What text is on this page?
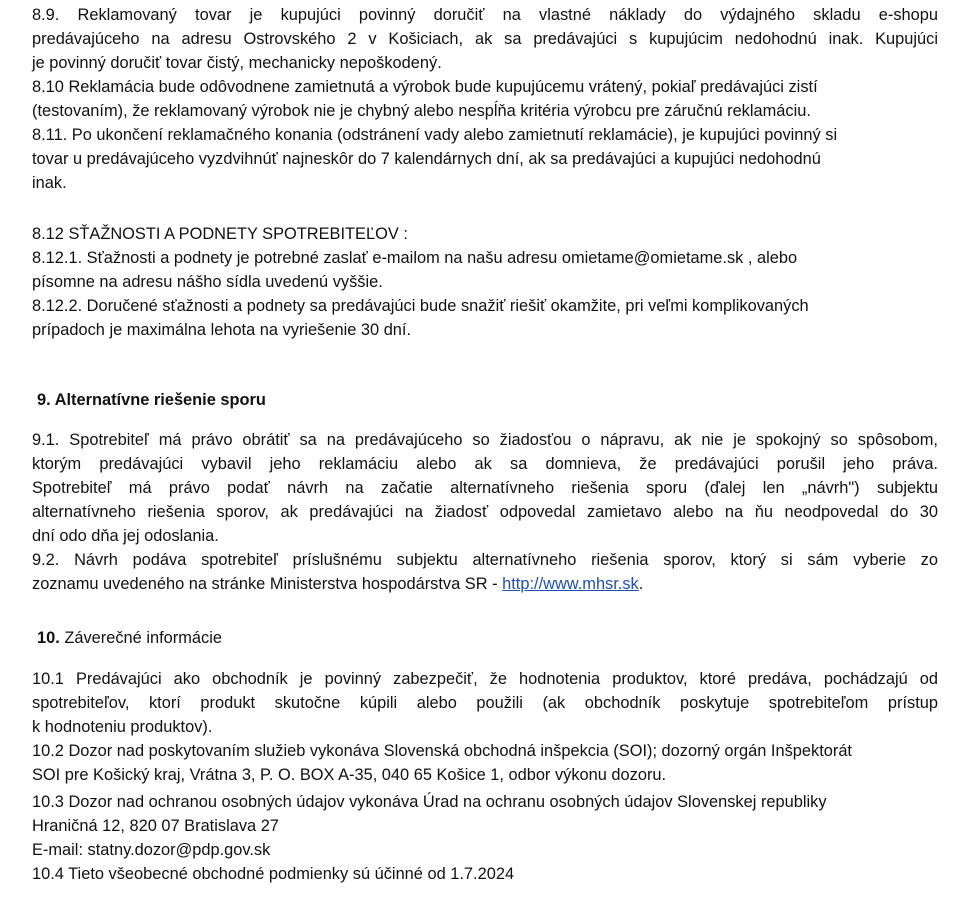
8.9. Reklamovaný tovar je kupujúci povinný doručiť na vlastné náklady do výdajného skladu e-shopu
predávajúceho na adresu Ostrovského 2 v Košiciach, ak sa predávajúci s kupujúcim nedohodnú inak. Kupujúci
je povinný doručiť tovar čistý, mechanicky nepoškodený.
8.10 Reklamácia bude odôvodnene zamietnutá a výrobok bude kupujúcemu vrátený, pokiaľ predávajúci zistí
(testovaním), že reklamovaný výrobok nie je chybný alebo nespĺňa kritéria výrobcu pre záručnú reklamáciu.
8.11. Po ukončení reklamačného konania (odstránení vady alebo zamietnutí reklamácie), je kupujúci povinný si
tovar u predávajúceho vyzdvihnúť najneskôr do 7 kalendárnych dní, ak sa predávajúci a kupujúci nedohodnú
inak.
8.12 SŤAŽNOSTI A PODNETY SPOTREBITEĽOV :
8.12.1. Sťažnosti a podnety je potrebné zaslať e-mailom na našu adresu omietame@omietame.sk , alebo
písomne na adresu nášho sídla uvedenú vyššie.
8.12.2. Doručené sťažnosti a podnety sa predávajúci bude snažiť riešiť okamžite, pri veľmi komplikovaných
prípadoch je maximálna lehota na vyriešenie 30 dní.
9. Alternatívne riešenie sporu
9.1. Spotrebiteľ má právo obrátiť sa na predávajúceho so žiadosťou o nápravu, ak nie je spokojný so spôsobom,
ktorým predávajúci vybavil jeho reklamáciu alebo ak sa domnieva, že predávajúci porušil jeho práva.
Spotrebiteľ má právo podať návrh na začatie alternatívneho riešenia sporu (ďalej len „návrh") subjektu
alternatívneho riešenia sporov, ak predávajúci na žiadosť odpovedal zamietavo alebo na ňu neodpovedal do 30
dní odo dňa jej odoslania.
9.2. Návrh podáva spotrebiteľ príslušnému subjektu alternatívneho riešenia sporov, ktorý si sám vyberie zo
zoznamu uvedeného na stránke Ministerstva hospodárstva SR - http://www.mhsr.sk.
10. Záverečné informácie
10.1 Predávajúci ako obchodník je povinný zabezpečiť, že hodnotenia produktov, ktoré predáva, pochádzajú od
spotrebiteľov, ktorí produkt skutočne kúpili alebo použili (ak obchodník poskytuje spotrebiteľom prístup
k hodnoteniu produktov).
10.2 Dozor nad poskytovaním služieb vykonáva Slovenská obchodná inšpekcia (SOI); dozorný orgán Inšpektorát
SOI pre Košický kraj, Vrátna 3, P. O. BOX A-35, 040 65 Košice 1, odbor výkonu dozoru.
10.3 Dozor nad ochranou osobných údajov vykonáva Úrad na ochranu osobných údajov Slovenskej republiky
Hraničná 12, 820 07 Bratislava 27
E-mail: statny.dozor@pdp.gov.sk
10.4 Tieto všeobecné obchodné podmienky sú účinné od 1.7.2024
